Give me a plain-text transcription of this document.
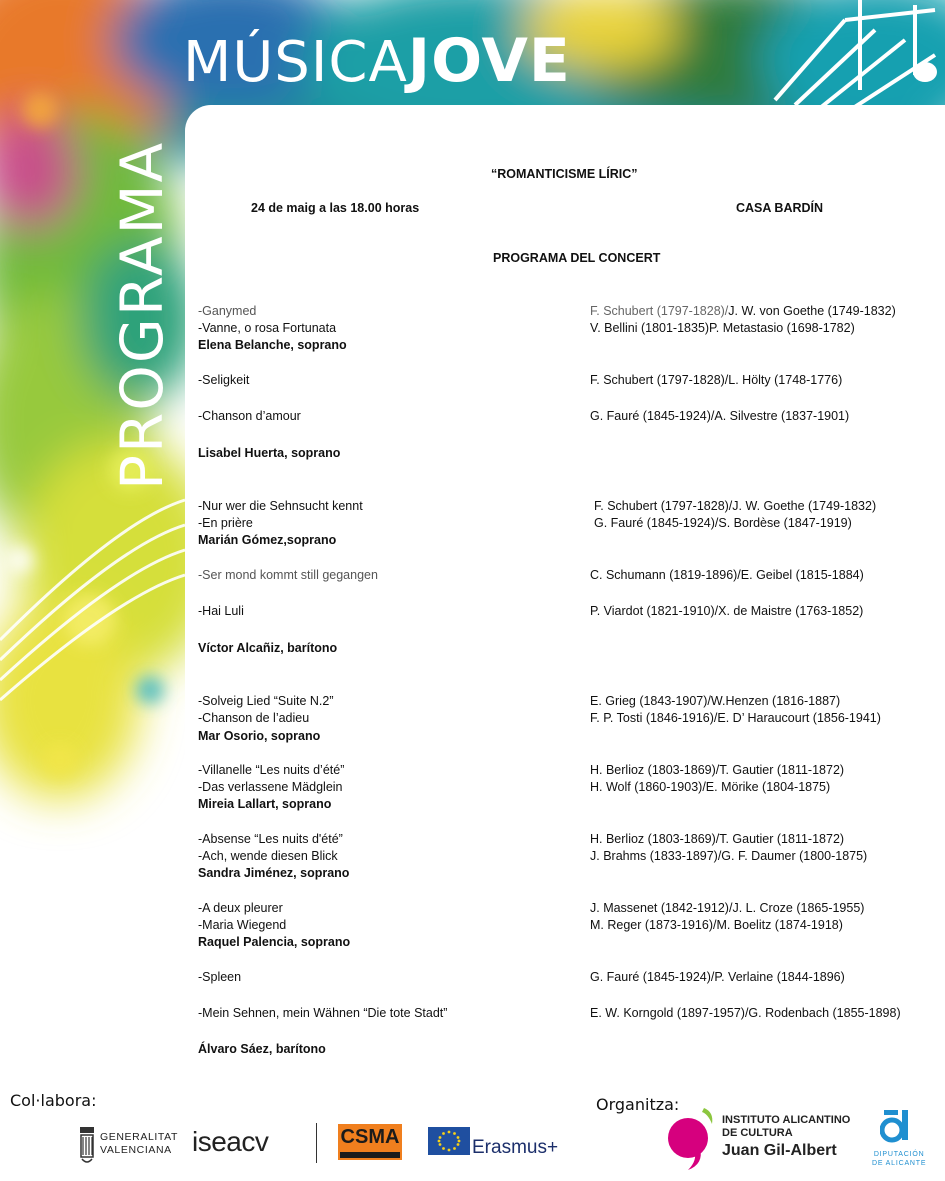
MÚSICAJOVE
PROGRAMA	“ROMANTICISME LÍRIC”
24 de maig a las 18.00 horas	CASA BARDÍN
PROGRAMA DEL CONCERT
-Ganymed	F. Schubert (1797-1828)/J. W. von Goethe (1749-1832)
-Vanne, o rosa Fortunata	V. Bellini (1801-1835)P. Metastasio (1698-1782)
Elena Belanche, soprano
-Seligkeit	F. Schubert (1797-1828)/L. Hölty (1748-1776)
-Chanson d’amour	G. Fauré (1845-1924)/A. Silvestre (1837-1901)
Lisabel Huerta, soprano
-Nur wer die Sehnsucht kennt	F. Schubert (1797-1828)/J. W. Goethe (1749-1832)
-En prière	G. Fauré (1845-1924)/S. Bordèse (1847-1919)
Marián Gómez,soprano
-Ser mond kommt still gegangen	C. Schumann (1819-1896)/E. Geibel (1815-1884)
-Hai Luli	P. Viardot (1821-1910)/X. de Maistre (1763-1852)
Víctor Alcañiz, barítono
-Solveig Lied “Suite N.2”	E. Grieg (1843-1907)/W.Henzen (1816-1887)
-Chanson de l’adieu	F. P. Tosti (1846-1916)/E. D’ Haraucourt (1856-1941)
Mar Osorio, soprano
-Villanelle “Les nuits d’été”	H. Berlioz (1803-1869)/T. Gautier (1811-1872)
-Das verlassene Mädglein	H. Wolf (1860-1903)/E. Mörike (1804-1875)
Mireia Lallart, soprano
-Absense “Les nuits d'été”	H. Berlioz (1803-1869)/T. Gautier (1811-1872)
-Ach, wende diesen Blick	J. Brahms (1833-1897)/G. F. Daumer (1800-1875)
Sandra Jiménez, soprano
-A deux pleurer	J. Massenet (1842-1912)/J. L. Croze (1865-1955)
-Maria Wiegend	M. Reger (1873-1916)/M. Boelitz (1874-1918)
Raquel Palencia, soprano
-Spleen	G. Fauré (1845-1924)/P. Verlaine (1844-1896)
-Mein Sehnen, mein Wähnen “Die tote Stadt”	E. W. Korngold (1897-1957)/G. Rodenbach (1855-1898)
Álvaro Sáez, barítono
Col·labora:	Organitza:
GENERALITAT
VALENCIANA iseacv	CSMA	Erasmus+
INSTITUTO ALICANTINO
DE CULTURA
Juan Gil-Albert	DIPUTACIÓN
DE ALICANTE
